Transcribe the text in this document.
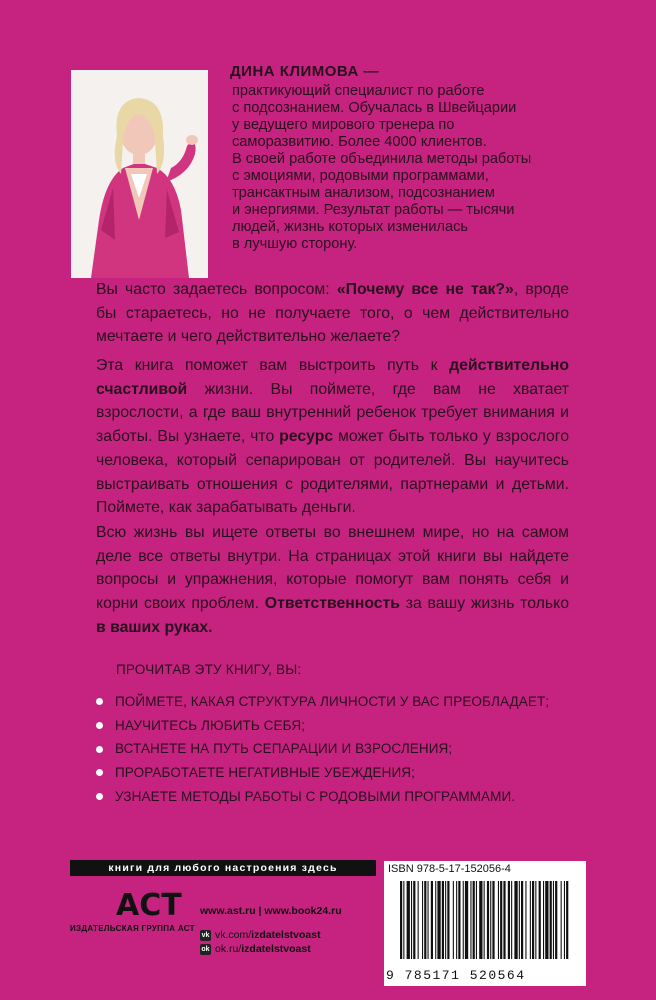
ДИНА КЛИМОВА —

практикующий специалист по работе
с подсознанием. Обучалась в Швейцарии
у ведущего мирового тренера по
саморазвитию. Более 4000 клиентов.
В своей работе объединила методы работы
с эмоциями, родовыми программами,
трансактным анализом, подсознанием
и энергиями. Результат работы — тысячи
людей, жизнь которых изменилась
в лучшую сторону.

Вы часто задаетесь вопросом: «Почему все не так?», вроде бы стараетесь, но не получаете того, о чем действительно мечтаете и чего действительно желаете?

Эта книга поможет вам выстроить путь к действительно счастливой жизни. Вы поймете, где вам не хватает взрослости, а где ваш внутренний ребенок требует внимания и заботы. Вы узнаете, что ресурс может быть только у взрослого человека, который сепарирован от родителей. Вы научитесь выстраивать отношения с родителями, партнерами и детьми. Поймете, как зарабатывать деньги.

Всю жизнь вы ищете ответы во внешнем мире, но на самом деле все ответы внутри. На страницах этой книги вы найдете вопросы и упражнения, которые помогут вам понять себя и корни своих проблем. Ответственность за вашу жизнь только в ваших руках.

ПРОЧИТАВ ЭТУ КНИГУ, ВЫ:

ПОЙМЕТЕ, КАКАЯ СТРУКТУРА ЛИЧНОСТИ У ВАС ПРЕОБЛАДАЕТ;
НАУЧИТЕСЬ ЛЮБИТЬ СЕБЯ;
ВСТАНЕТЕ НА ПУТЬ СЕПАРАЦИИ И ВЗРОСЛЕНИЯ;
ПРОРАБОТАЕТЕ НЕГАТИВНЫЕ УБЕЖДЕНИЯ;
УЗНАЕТЕ МЕТОДЫ РАБОТЫ С РОДОВЫМИ ПРОГРАММАМИ.
книги для любого настроения здесь
ACT
ИЗДАТЕЛЬСКАЯ ГРУППА АСТ
www.ast.ru | www.book24.ru
vk vk.com/ izdatelstvoast
ok ok.ru/ izdatelstvoast
ISBN 978-5-17-152056-4
9 785171 520564
